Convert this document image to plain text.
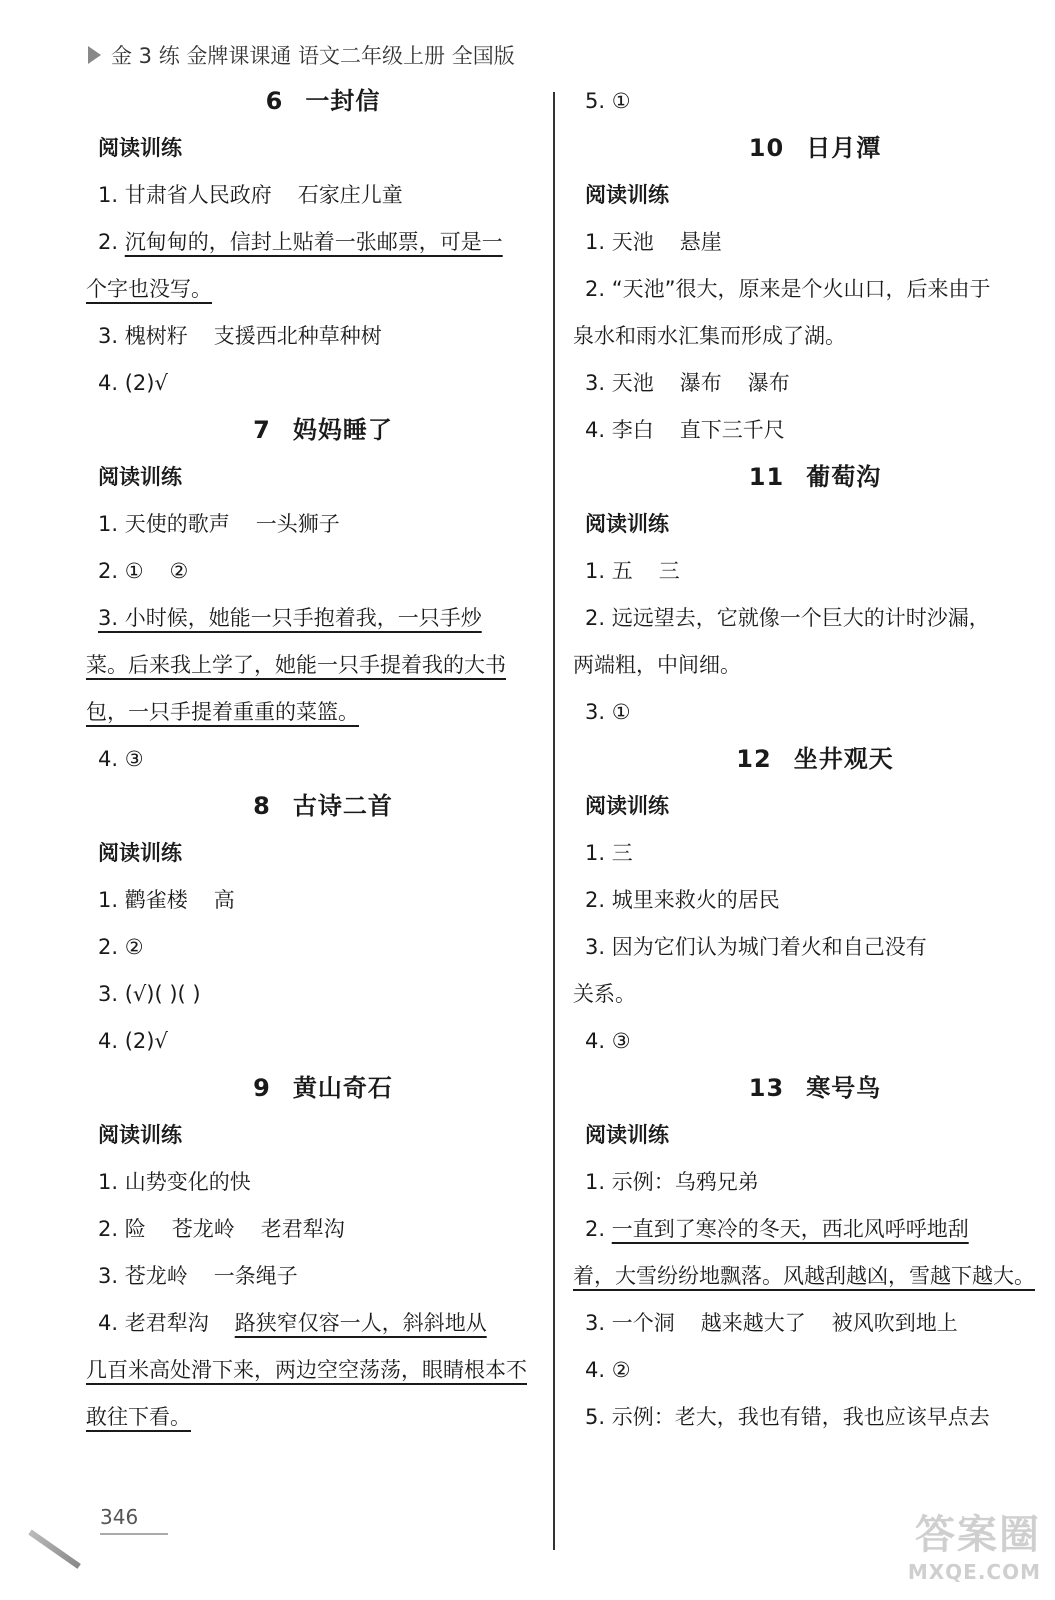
金 3 练 金牌课课通 语文二年级上册 全国版
6 一封信
阅读训练
1. 甘肃省人民政府 石家庄儿童
2. 沉甸甸的，信封上贴着一张邮票，可是一
个字也没写。
3. 槐树籽 支援西北种草种树
4. (2)√
7 妈妈睡了
阅读训练
1. 天使的歌声 一头狮子
2. ① ②
3. 小时候，她能一只手抱着我，一只手炒
菜。后来我上学了，她能一只手提着我的大书
包，一只手提着重重的菜篮。
4. ③
8 古诗二首
阅读训练
1. 鹳雀楼 高
2. ②
3. (√)( )( )
4. (2)√
9 黄山奇石
阅读训练
1. 山势变化的快
2. 险 苍龙岭 老君犁沟
3. 苍龙岭 一条绳子
4. 老君犁沟 路狭窄仅容一人，斜斜地从
几百米高处滑下来，两边空空荡荡，眼睛根本不
敢往下看。
5. ①
10 日月潭
阅读训练
1. 天池 悬崖
2. “天池”很大，原来是个火山口，后来由于
泉水和雨水汇集而形成了湖。
3. 天池 瀑布 瀑布
4. 李白 直下三千尺
11 葡萄沟
阅读训练
1. 五 三
2. 远远望去，它就像一个巨大的计时沙漏，
两端粗，中间细。
3. ①
12 坐井观天
阅读训练
1. 三
2. 城里来救火的居民
3. 因为它们认为城门着火和自己没有
关系。
4. ③
13 寒号鸟
阅读训练
1. 示例：乌鸦兄弟
2. 一直到了寒冷的冬天，西北风呼呼地刮
着，大雪纷纷地飘落。风越刮越凶，雪越下越大。
3. 一个洞 越来越大了 被风吹到地上
4. ②
5. 示例：老大，我也有错，我也应该早点去
346	答案圈
MXQE.COM
